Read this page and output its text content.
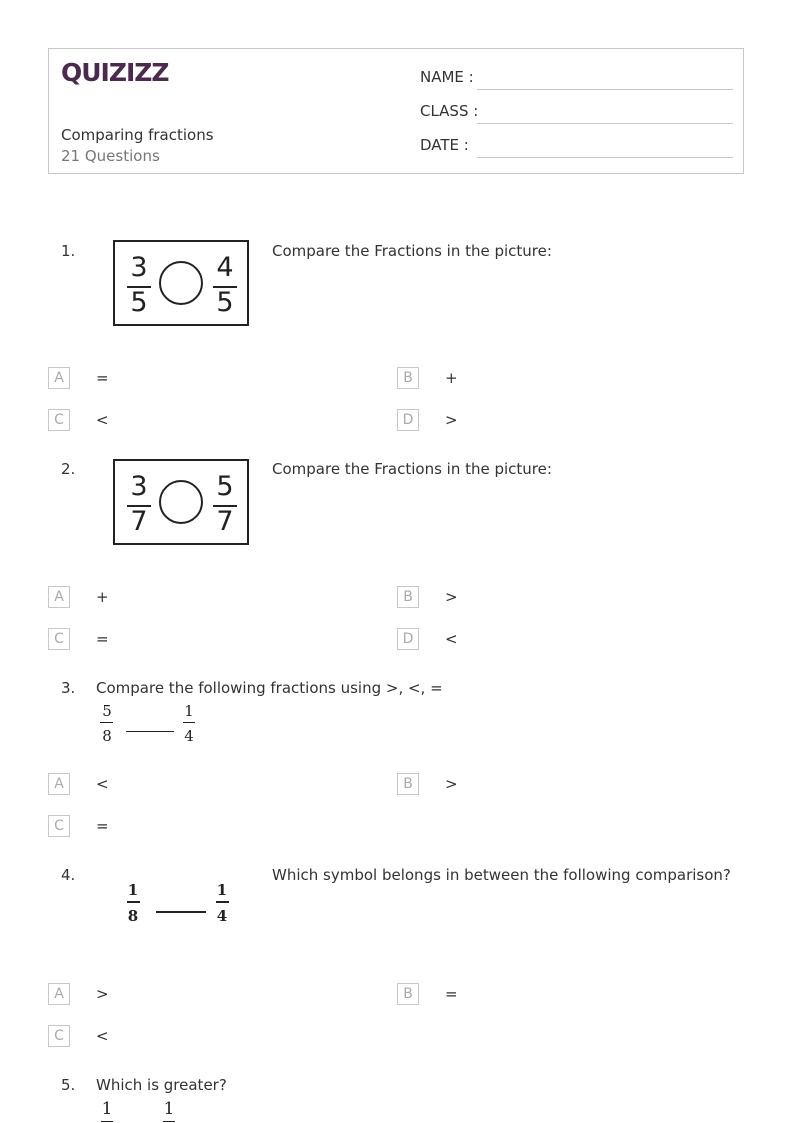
QUIZIZZ
Comparing fractions
21 Questions
NAME :
CLASS :
DATE :
1.
3
5
4
5
Compare the Fractions in the picture:
A	=	B	+
C	<	D	>
2.
3
7
5
7
Compare the Fractions in the picture:
A	+	B	>
C	=	D	<
3. Compare the following fractions using >, <, =
5
8
1
4
A	<	B	>
C	=
4.
1
8
1
4
Which symbol belongs in between the following comparison?
A	>	B	=
C	<
5. Which is greater?
1	1
